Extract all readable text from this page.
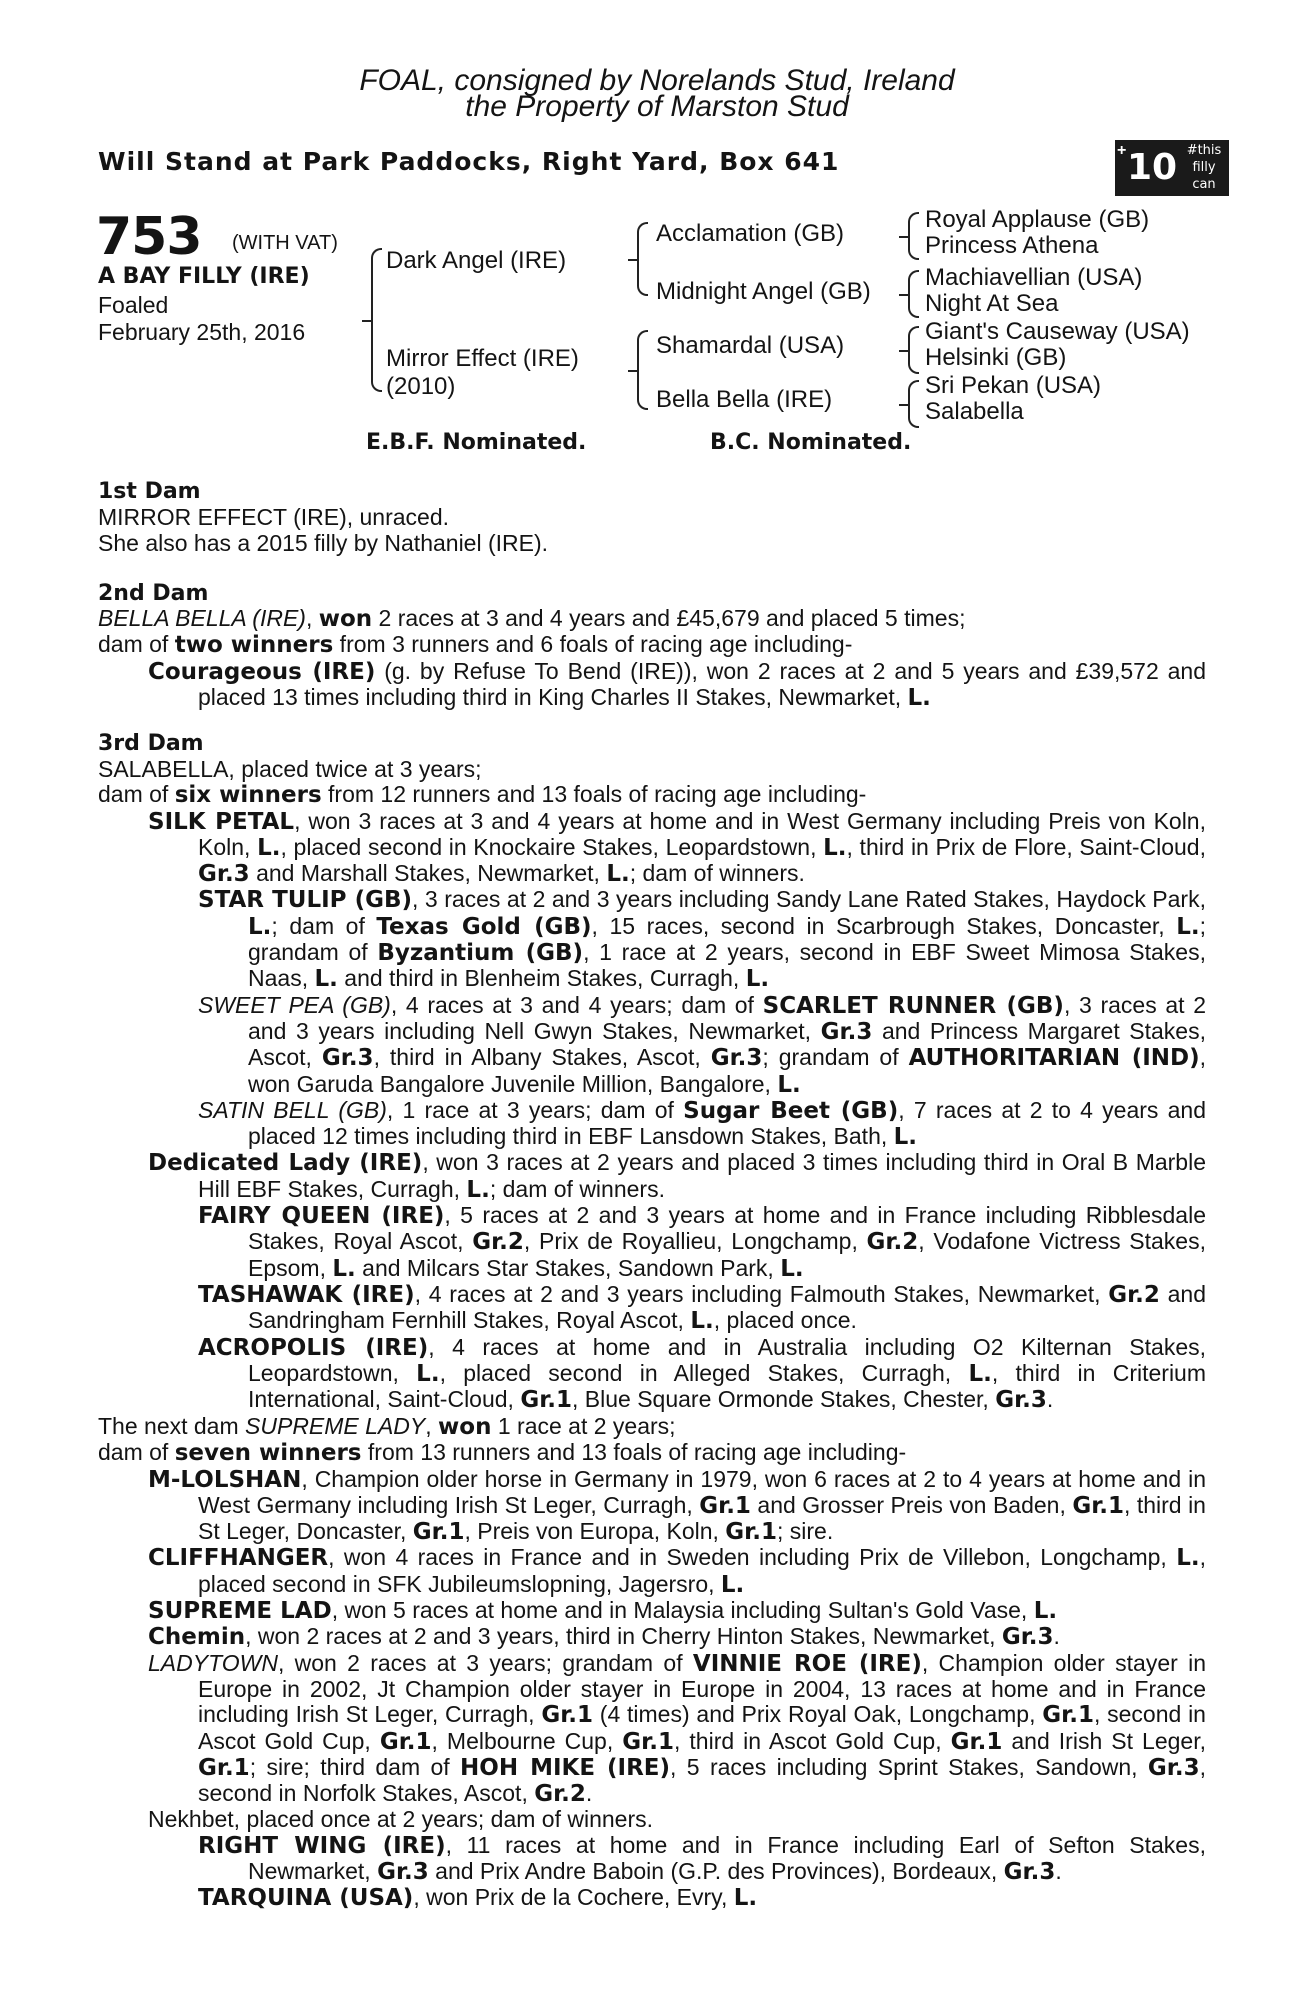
FOAL, consigned by Norelands Stud, Ireland
the Property of Marston Stud
Will Stand at Park Paddocks, Right Yard, Box 641	+ 10 #this
filly
can
753 (WITH VAT)
A BAY FILLY (IRE)
Foaled
February 25th, 2016
Dark Angel (IRE)
Mirror Effect (IRE)
(2010)
Acclamation (GB)
Midnight Angel (GB)
Shamardal (USA)
Bella Bella (IRE)
Royal Applause (GB)
Princess Athena
Machiavellian (USA)
Night At Sea
Giant's Causeway (USA)
Helsinki (GB)
Sri Pekan (USA)
Salabella
E.B.F. Nominated.	B.C. Nominated.
1st Dam
MIRROR EFFECT (IRE), unraced.
She also has a 2015 filly by Nathaniel (IRE).
2nd Dam

BELLA BELLA (IRE), won 2 races at 3 and 4 years and £45,679 and placed 5 times;

dam of two winners from 3 runners and 6 foals of racing age including-

Courageous (IRE) (g. by Refuse To Bend (IRE)), won 2 races at 2 and 5 years and £39,572 and placed 13 times including third in King Charles II Stakes, Newmarket, L.

3rd Dam

SALABELLA, placed twice at 3 years;

dam of six winners from 12 runners and 13 foals of racing age including-

SILK PETAL, won 3 races at 3 and 4 years at home and in West Germany including Preis von Koln, Koln, L., placed second in Knockaire Stakes, Leopardstown, L., third in Prix de Flore, Saint-Cloud, Gr.3 and Marshall Stakes, Newmarket, L.; dam of winners.

STAR TULIP (GB), 3 races at 2 and 3 years including Sandy Lane Rated Stakes, Haydock Park, L.; dam of Texas Gold (GB), 15 races, second in Scarbrough Stakes, Doncaster, L.; grandam of Byzantium (GB), 1 race at 2 years, second in EBF Sweet Mimosa Stakes, Naas, L. and third in Blenheim Stakes, Curragh, L.

SWEET PEA (GB), 4 races at 3 and 4 years; dam of SCARLET RUNNER (GB), 3 races at 2 and 3 years including Nell Gwyn Stakes, Newmarket, Gr.3 and Princess Margaret Stakes, Ascot, Gr.3, third in Albany Stakes, Ascot, Gr.3; grandam of AUTHORITARIAN (IND), won Garuda Bangalore Juvenile Million, Bangalore, L.

SATIN BELL (GB), 1 race at 3 years; dam of Sugar Beet (GB), 7 races at 2 to 4 years and placed 12 times including third in EBF Lansdown Stakes, Bath, L.

Dedicated Lady (IRE), won 3 races at 2 years and placed 3 times including third in Oral B Marble Hill EBF Stakes, Curragh, L.; dam of winners.

FAIRY QUEEN (IRE), 5 races at 2 and 3 years at home and in France including Ribblesdale Stakes, Royal Ascot, Gr.2, Prix de Royallieu, Longchamp, Gr.2, Vodafone Victress Stakes, Epsom, L. and Milcars Star Stakes, Sandown Park, L.

TASHAWAK (IRE), 4 races at 2 and 3 years including Falmouth Stakes, Newmarket, Gr.2 and Sandringham Fernhill Stakes, Royal Ascot, L., placed once.

ACROPOLIS (IRE), 4 races at home and in Australia including O2 Kilternan Stakes, Leopardstown, L., placed second in Alleged Stakes, Curragh, L., third in Criterium International, Saint-Cloud, Gr.1, Blue Square Ormonde Stakes, Chester, Gr.3.

The next dam SUPREME LADY, won 1 race at 2 years;

dam of seven winners from 13 runners and 13 foals of racing age including-

M-LOLSHAN, Champion older horse in Germany in 1979, won 6 races at 2 to 4 years at home and in West Germany including Irish St Leger, Curragh, Gr.1 and Grosser Preis von Baden, Gr.1, third in St Leger, Doncaster, Gr.1, Preis von Europa, Koln, Gr.1; sire.

CLIFFHANGER, won 4 races in France and in Sweden including Prix de Villebon, Longchamp, L., placed second in SFK Jubileumslopning, Jagersro, L.

SUPREME LAD, won 5 races at home and in Malaysia including Sultan's Gold Vase, L.

Chemin, won 2 races at 2 and 3 years, third in Cherry Hinton Stakes, Newmarket, Gr.3.

LADYTOWN, won 2 races at 3 years; grandam of VINNIE ROE (IRE), Champion older stayer in Europe in 2002, Jt Champion older stayer in Europe in 2004, 13 races at home and in France including Irish St Leger, Curragh, Gr.1 (4 times) and Prix Royal Oak, Longchamp, Gr.1, second in Ascot Gold Cup, Gr.1, Melbourne Cup, Gr.1, third in Ascot Gold Cup, Gr.1 and Irish St Leger, Gr.1; sire; third dam of HOH MIKE (IRE), 5 races including Sprint Stakes, Sandown, Gr.3, second in Norfolk Stakes, Ascot, Gr.2.

Nekhbet, placed once at 2 years; dam of winners.

RIGHT WING (IRE), 11 races at home and in France including Earl of Sefton Stakes, Newmarket, Gr.3 and Prix Andre Baboin (G.P. des Provinces), Bordeaux, Gr.3.

TARQUINA (USA), won Prix de la Cochere, Evry, L.
